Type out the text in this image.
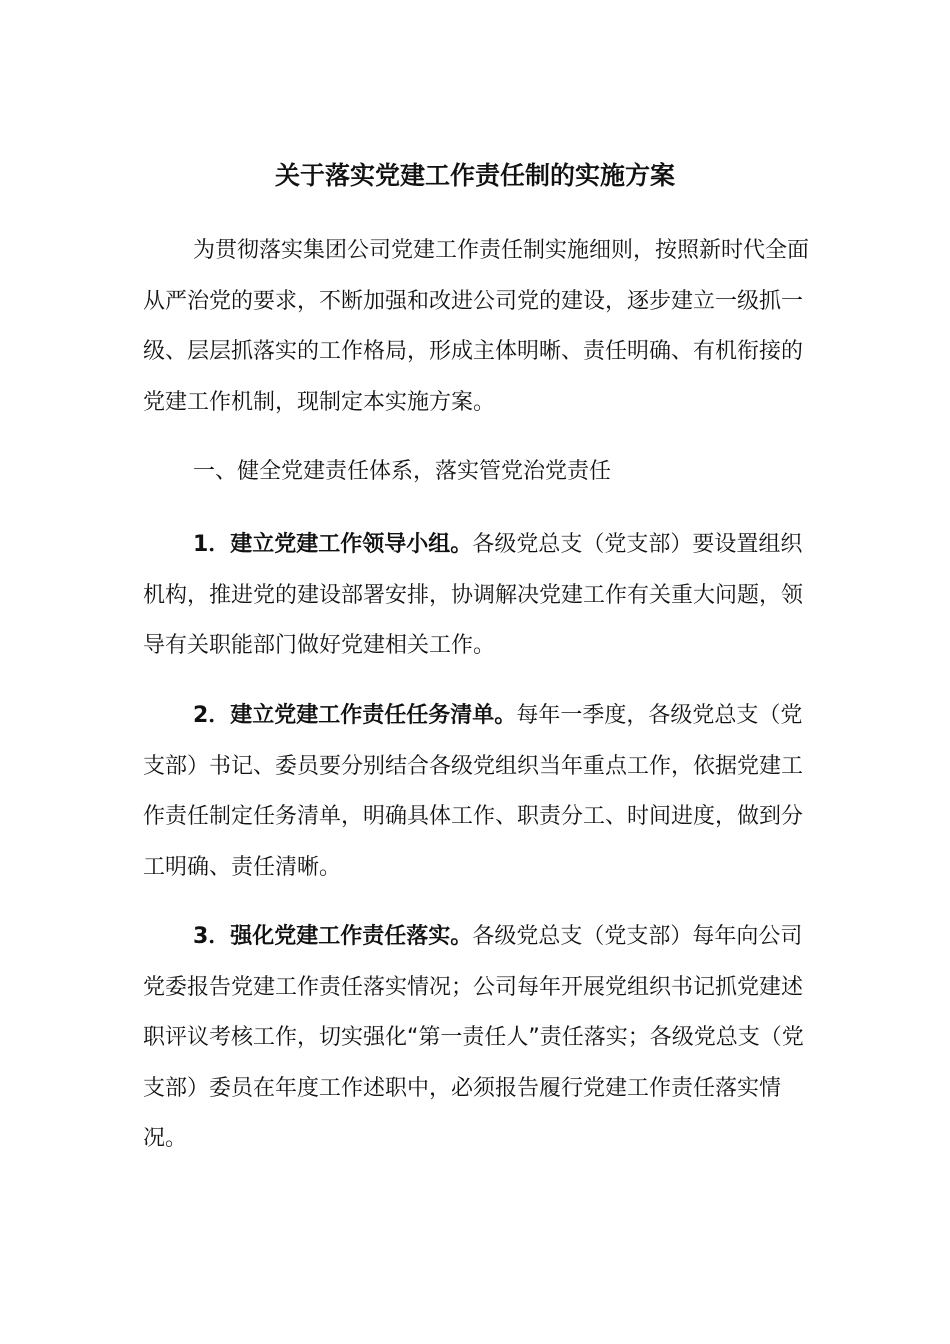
关于落实党建工作责任制的实施方案

为贯彻落实集团公司党建工作责任制实施细则，按照新时代全面从严治党的要求，不断加强和改进公司党的建设，逐步建立一级抓一级、层层抓落实的工作格局，形成主体明晰、责任明确、有机衔接的党建工作机制，现制定本实施方案。

一、健全党建责任体系，落实管党治党责任

1．建立党建工作领导小组。各级党总支（党支部）要设置组织机构，推进党的建设部署安排，协调解决党建工作有关重大问题，领导有关职能部门做好党建相关工作。

2．建立党建工作责任任务清单。每年一季度，各级党总支（党支部）书记、委员要分别结合各级党组织当年重点工作，依据党建工作责任制定任务清单，明确具体工作、职责分工、时间进度，做到分工明确、责任清晰。

3．强化党建工作责任落实。各级党总支（党支部）每年向公司党委报告党建工作责任落实情况；公司每年开展党组织书记抓党建述职评议考核工作，切实强化“第一责任人”责任落实；各级党总支（党支部）委员在年度工作述职中，必须报告履行党建工作责任落实情况。
